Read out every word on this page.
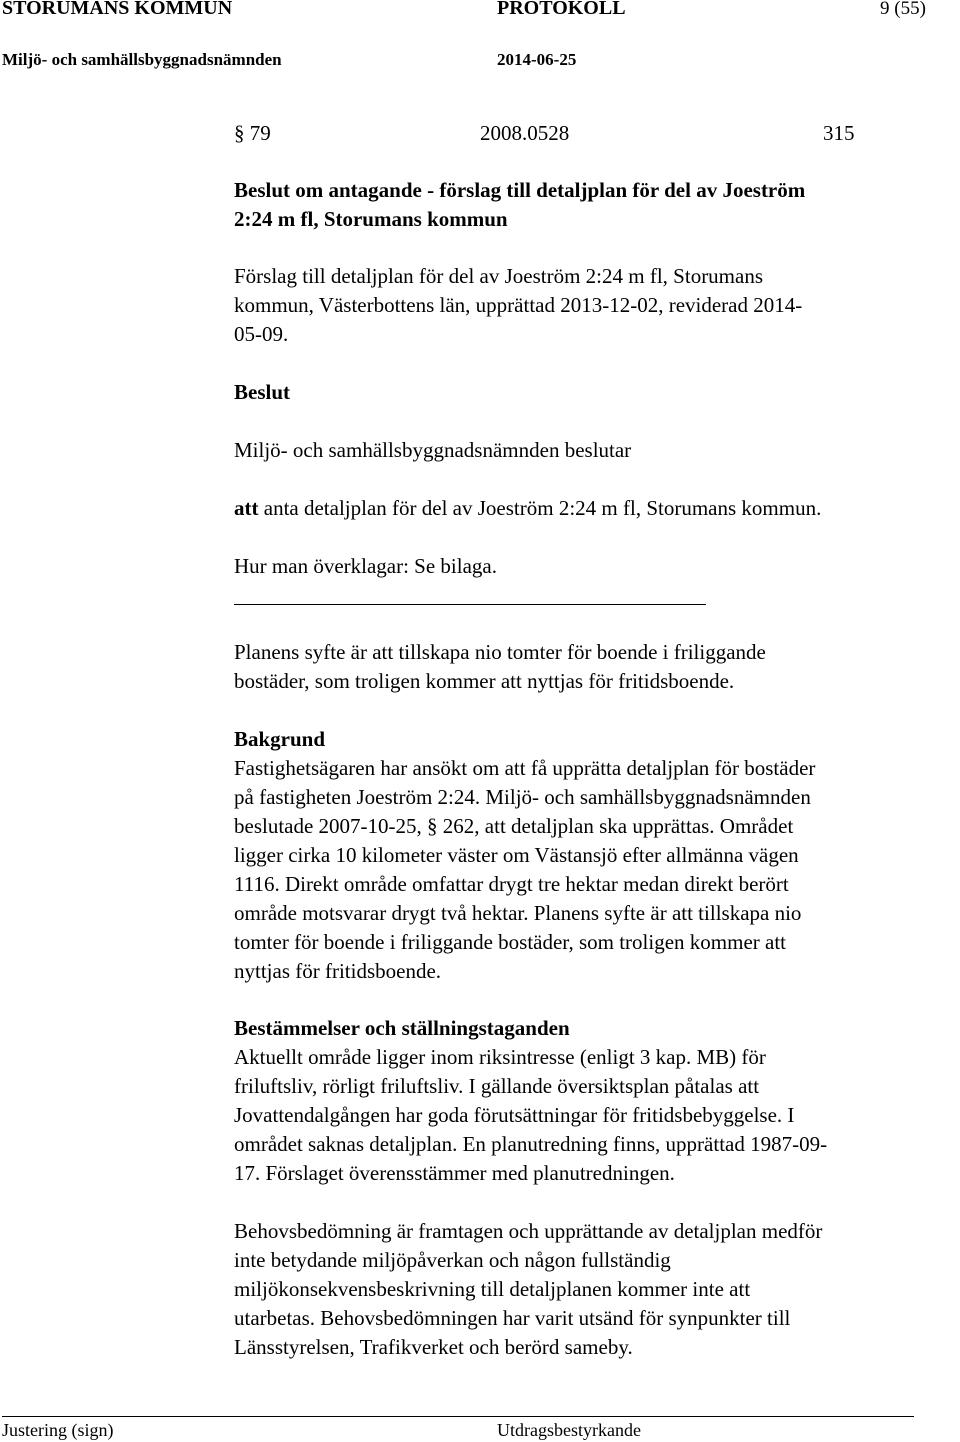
STORUMANS KOMMUN	PROTOKOLL	9 (55)
Miljö- och samhällsbyggnadsnämnden	2014-06-25
§ 79	2008.0528	315
Beslut om antagande - förslag till detaljplan för del av Joeström
2:24 m fl, Storumans kommun
Förslag till detaljplan för del av Joeström 2:24 m fl, Storumans
kommun, Västerbottens län, upprättad 2013-12-02, reviderad 2014-
05-09.
Beslut
Miljö- och samhällsbyggnadsnämnden beslutar
att anta detaljplan för del av Joeström 2:24 m fl, Storumans kommun.
Hur man överklagar: Se bilaga.
Planens syfte är att tillskapa nio tomter för boende i friliggande
bostäder, som troligen kommer att nyttjas för fritidsboende.
Bakgrund
Fastighetsägaren har ansökt om att få upprätta detaljplan för bostäder
på fastigheten Joeström 2:24. Miljö- och samhällsbyggnadsnämnden
beslutade 2007-10-25, § 262, att detaljplan ska upprättas. Området
ligger cirka 10 kilometer väster om Västansjö efter allmänna vägen
1116. Direkt område omfattar drygt tre hektar medan direkt berört
område motsvarar drygt två hektar. Planens syfte är att tillskapa nio
tomter för boende i friliggande bostäder, som troligen kommer att
nyttjas för fritidsboende.
Bestämmelser och ställningstaganden
Aktuellt område ligger inom riksintresse (enligt 3 kap. MB) för
friluftsliv, rörligt friluftsliv. I gällande översiktsplan påtalas att
Jovattendalgången har goda förutsättningar för fritidsbebyggelse. I
området saknas detaljplan. En planutredning finns, upprättad 1987-09-
17. Förslaget överensstämmer med planutredningen.
Behovsbedömning är framtagen och upprättande av detaljplan medför
inte betydande miljöpåverkan och någon fullständig
miljökonsekvensbeskrivning till detaljplanen kommer inte att
utarbetas. Behovsbedömningen har varit utsänd för synpunkter till
Länsstyrelsen, Trafikverket och berörd sameby.
Justering (sign)	Utdragsbestyrkande
